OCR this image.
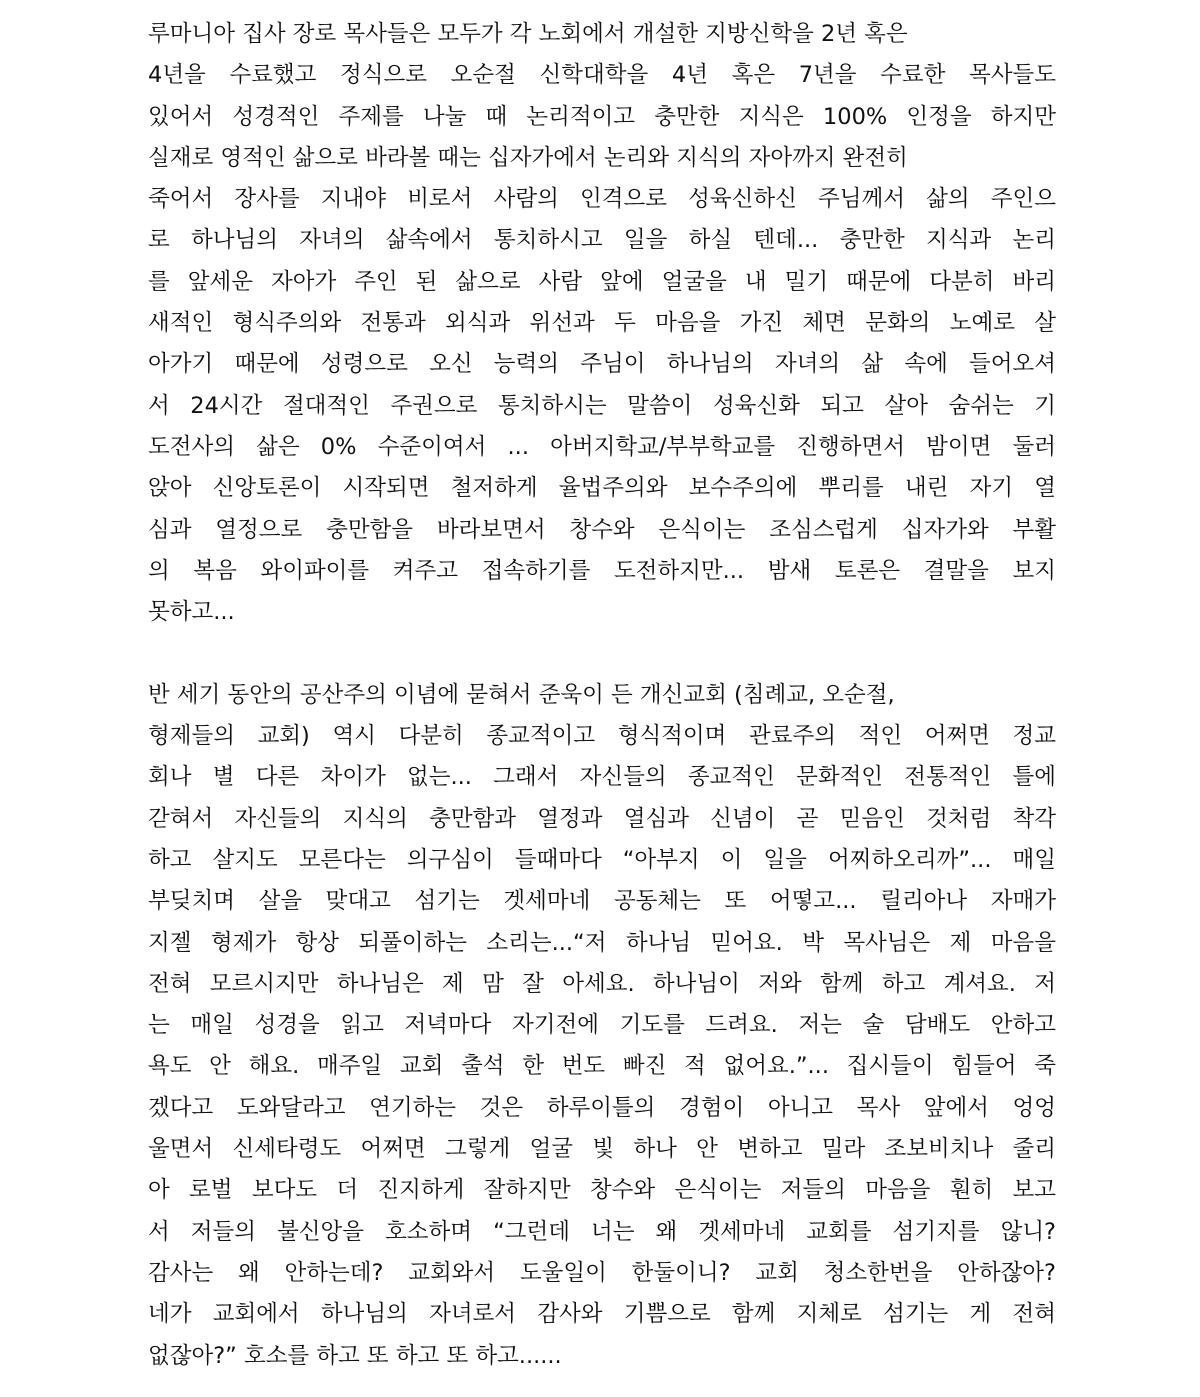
루마니아 집사 장로 목사들은 모두가 각 노회에서 개설한 지방신학을 2년 혹은
4년을 수료했고 정식으로 오순절 신학대학을 4년 혹은 7년을 수료한 목사들도
있어서 성경적인 주제를 나눌 때 논리적이고 충만한 지식은 100% 인정을 하지만
실재로 영적인 삶으로 바라볼 때는 십자가에서 논리와 지식의 자아까지 완전히
죽어서 장사를 지내야 비로서 사람의 인격으로 성육신하신 주님께서 삶의 주인으
로 하나님의 자녀의 삶속에서 통치하시고 일을 하실 텐데... 충만한 지식과 논리
를 앞세운 자아가 주인 된 삶으로 사람 앞에 얼굴을 내 밀기 때문에 다분히 바리
새적인 형식주의와 전통과 외식과 위선과 두 마음을 가진 체면 문화의 노예로 살
아가기 때문에 성령으로 오신 능력의 주님이 하나님의 자녀의 삶 속에 들어오셔
서 24시간 절대적인 주권으로 통치하시는 말씀이 성육신화 되고 살아 숨쉬는 기
도전사의 삶은 0% 수준이여서 ... 아버지학교/부부학교를 진행하면서 밤이면 둘러
앉아 신앙토론이 시작되면 철저하게 율법주의와 보수주의에 뿌리를 내린 자기 열
심과 열정으로 충만함을 바라보면서 창수와 은식이는 조심스럽게 십자가와 부활
의 복음 와이파이를 켜주고 접속하기를 도전하지만... 밤새 토론은 결말을 보지
못하고...
반 세기 동안의 공산주의 이념에 묻혀서 준욱이 든 개신교회 (침례교, 오순절,
형제들의 교회) 역시 다분히 종교적이고 형식적이며 관료주의 적인 어쩌면 정교
회나 별 다른 차이가 없는... 그래서 자신들의 종교적인 문화적인 전통적인 틀에
갇혀서 자신들의 지식의 충만함과 열정과 열심과 신념이 곧 믿음인 것처럼 착각
하고 살지도 모른다는 의구심이 들때마다 “아부지 이 일을 어찌하오리까”... 매일
부딪치며 살을 맞대고 섬기는 겟세마네 공동체는 또 어떻고... 릴리아나 자매가
지젤 형제가 항상 되풀이하는 소리는...“저 하나님 믿어요. 박 목사님은 제 마음을
전혀 모르시지만 하나님은 제 맘 잘 아세요. 하나님이 저와 함께 하고 계셔요. 저
는 매일 성경을 읽고 저녁마다 자기전에 기도를 드려요. 저는 술 담배도 안하고
욕도 안 해요. 매주일 교회 출석 한 번도 빠진 적 없어요.”... 집시들이 힘들어 죽
겠다고 도와달라고 연기하는 것은 하루이틀의 경험이 아니고 목사 앞에서 엉엉
울면서 신세타령도 어쩌면 그렇게 얼굴 빛 하나 안 변하고 밀라 조보비치나 줄리
아 로벌 보다도 더 진지하게 잘하지만 창수와 은식이는 저들의 마음을 훤히 보고
서 저들의 불신앙을 호소하며 “그런데 너는 왜 겟세마네 교회를 섬기지를 않니?
감사는 왜 안하는데? 교회와서 도울일이 한둘이니? 교회 청소한번을 안하잖아?
네가 교회에서 하나님의 자녀로서 감사와 기쁨으로 함께 지체로 섬기는 게 전혀
없잖아?” 호소를 하고 또 하고 또 하고......
